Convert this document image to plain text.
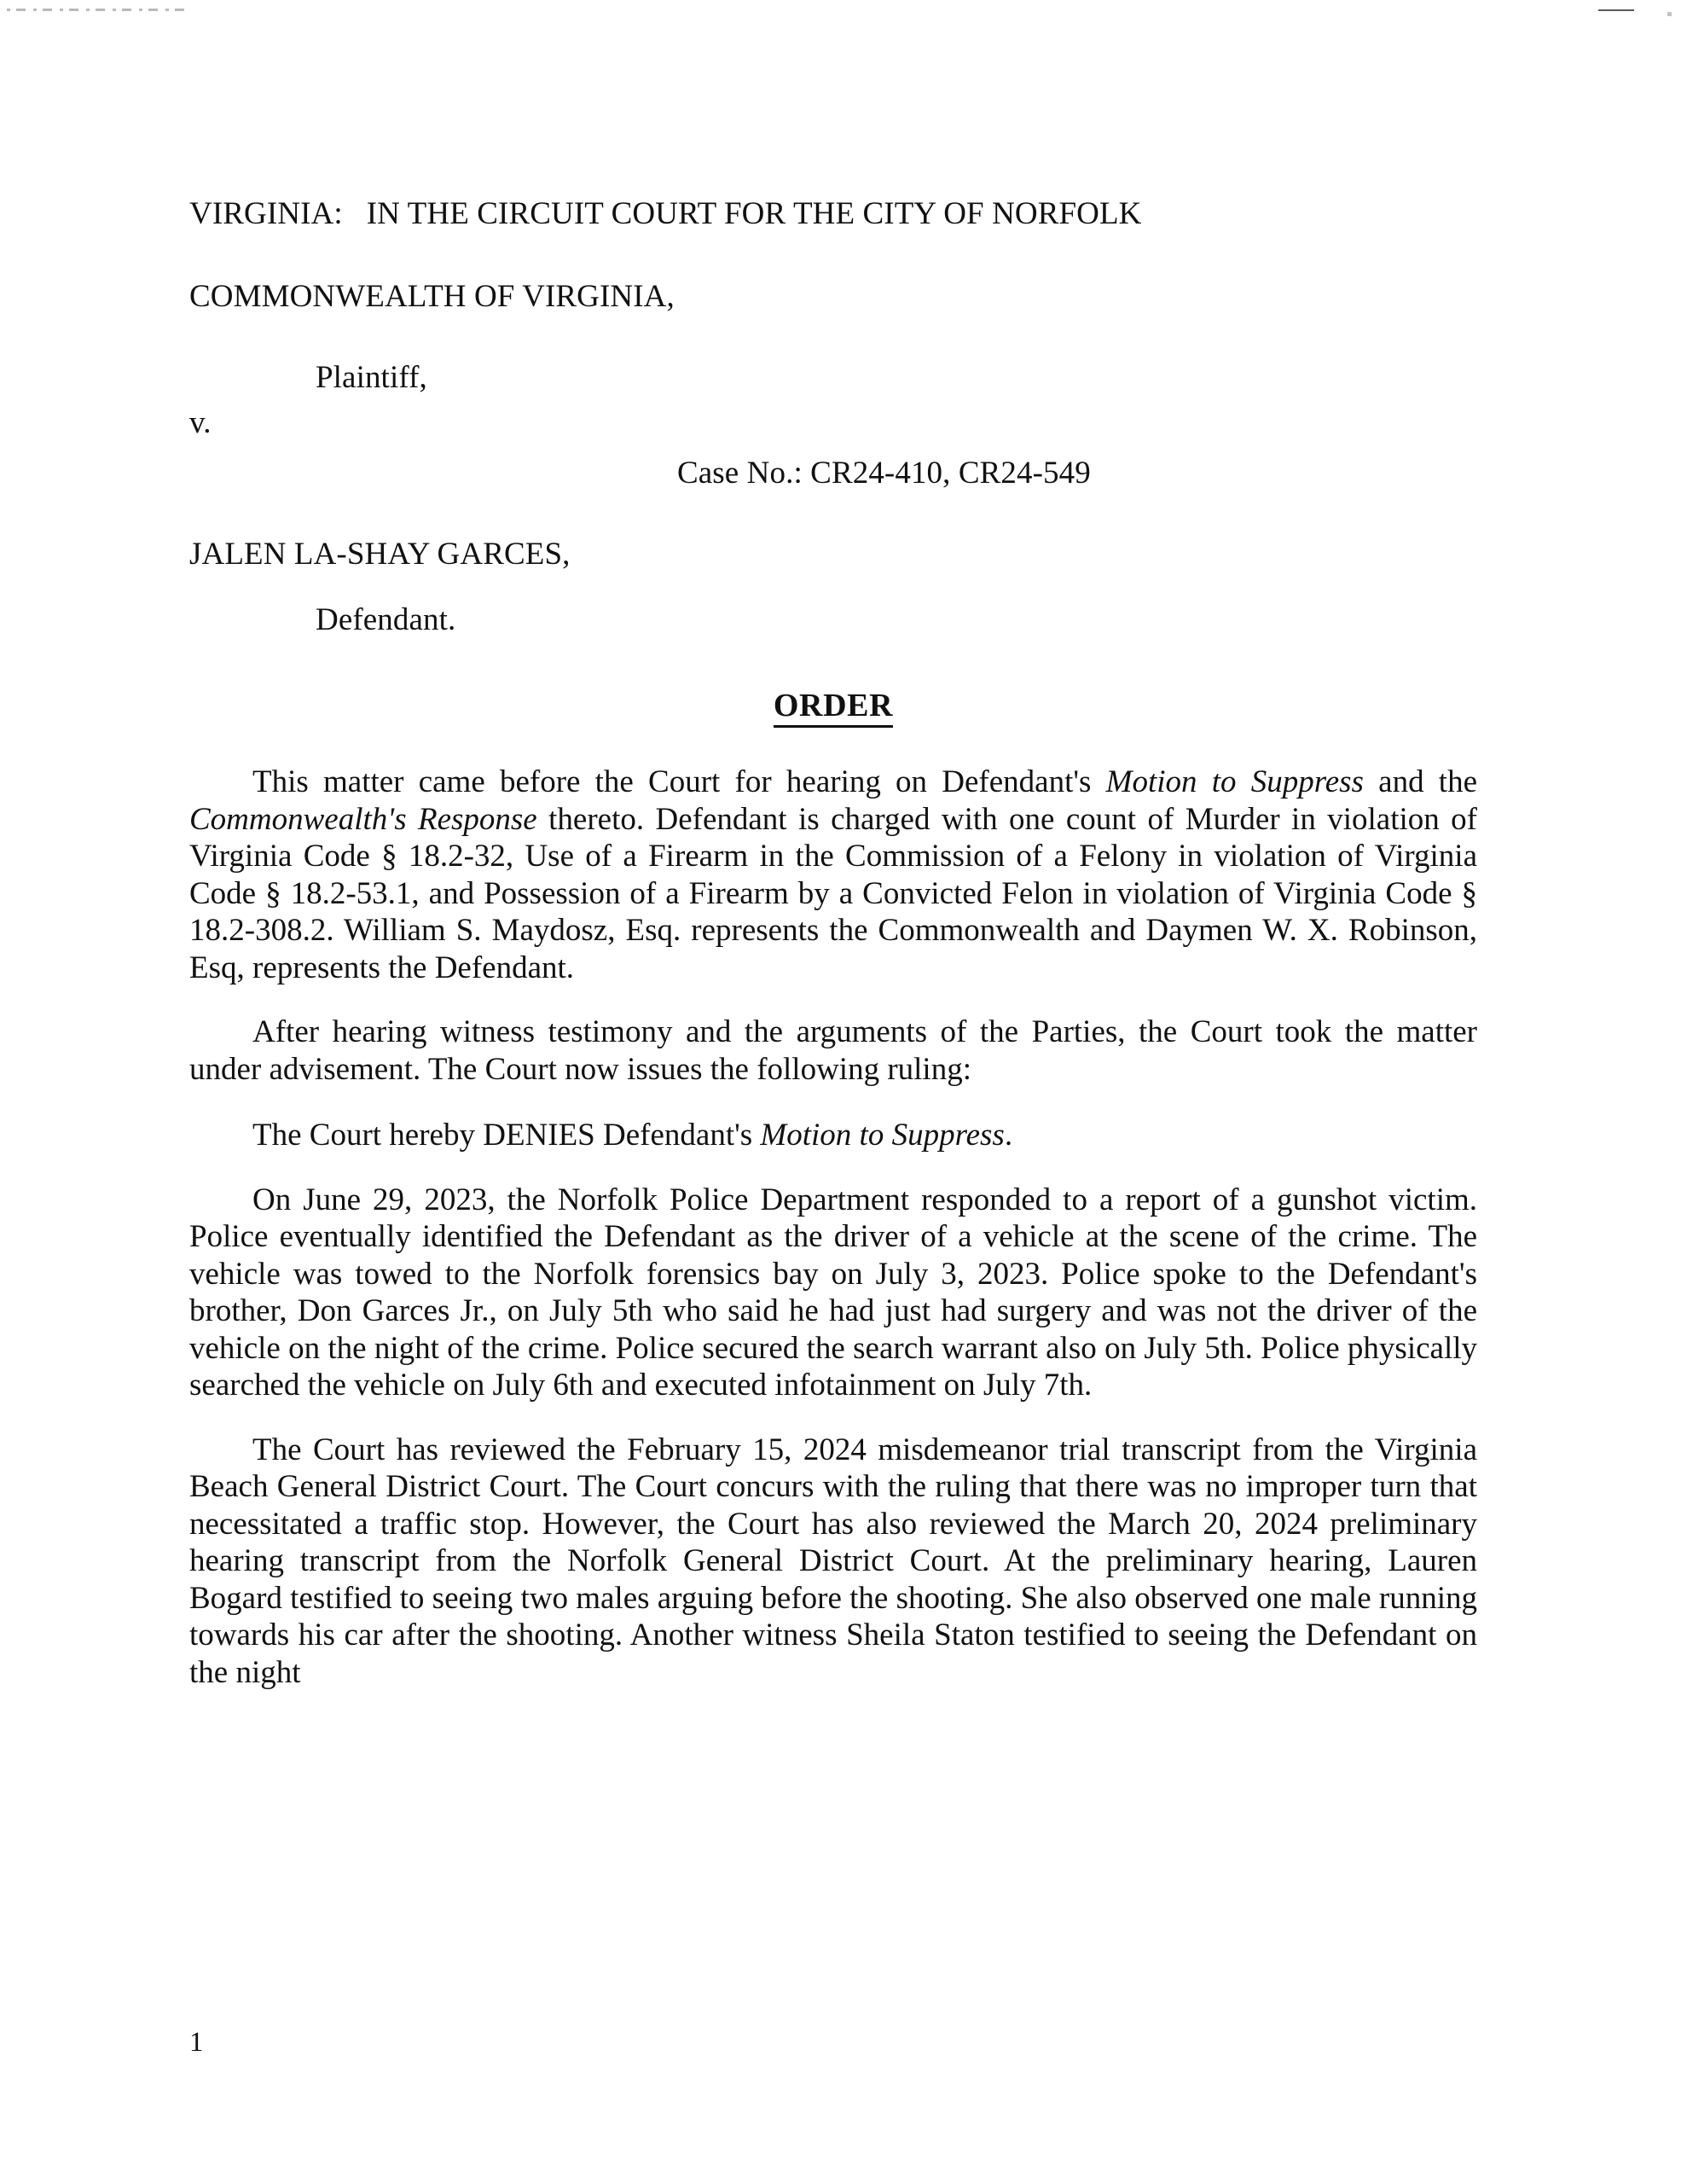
VIRGINIA:   IN THE CIRCUIT COURT FOR THE CITY OF NORFOLK
COMMONWEALTH OF VIRGINIA,
Plaintiff,
v.
Case No.: CR24-410, CR24-549
JALEN LA-SHAY GARCES,
Defendant.
ORDER

This matter came before the Court for hearing on Defendant's Motion to Suppress and the Commonwealth's Response thereto. Defendant is charged with one count of Murder in violation of Virginia Code § 18.2-32, Use of a Firearm in the Commission of a Felony in violation of Virginia Code § 18.2-53.1, and Possession of a Firearm by a Convicted Felon in violation of Virginia Code § 18.2-308.2. William S. Maydosz, Esq. represents the Commonwealth and Daymen W. X. Robinson, Esq, represents the Defendant.

After hearing witness testimony and the arguments of the Parties, the Court took the matter under advisement. The Court now issues the following ruling:

The Court hereby DENIES Defendant's Motion to Suppress.

On June 29, 2023, the Norfolk Police Department responded to a report of a gunshot victim. Police eventually identified the Defendant as the driver of a vehicle at the scene of the crime. The vehicle was towed to the Norfolk forensics bay on July 3, 2023. Police spoke to the Defendant's brother, Don Garces Jr., on July 5th who said he had just had surgery and was not the driver of the vehicle on the night of the crime. Police secured the search warrant also on July 5th. Police physically searched the vehicle on July 6th and executed infotainment on July 7th.

The Court has reviewed the February 15, 2024 misdemeanor trial transcript from the Virginia Beach General District Court. The Court concurs with the ruling that there was no improper turn that necessitated a traffic stop. However, the Court has also reviewed the March 20, 2024 preliminary hearing transcript from the Norfolk General District Court. At the preliminary hearing, Lauren Bogard testified to seeing two males arguing before the shooting. She also observed one male running towards his car after the shooting. Another witness Sheila Staton testified to seeing the Defendant on the night

1
